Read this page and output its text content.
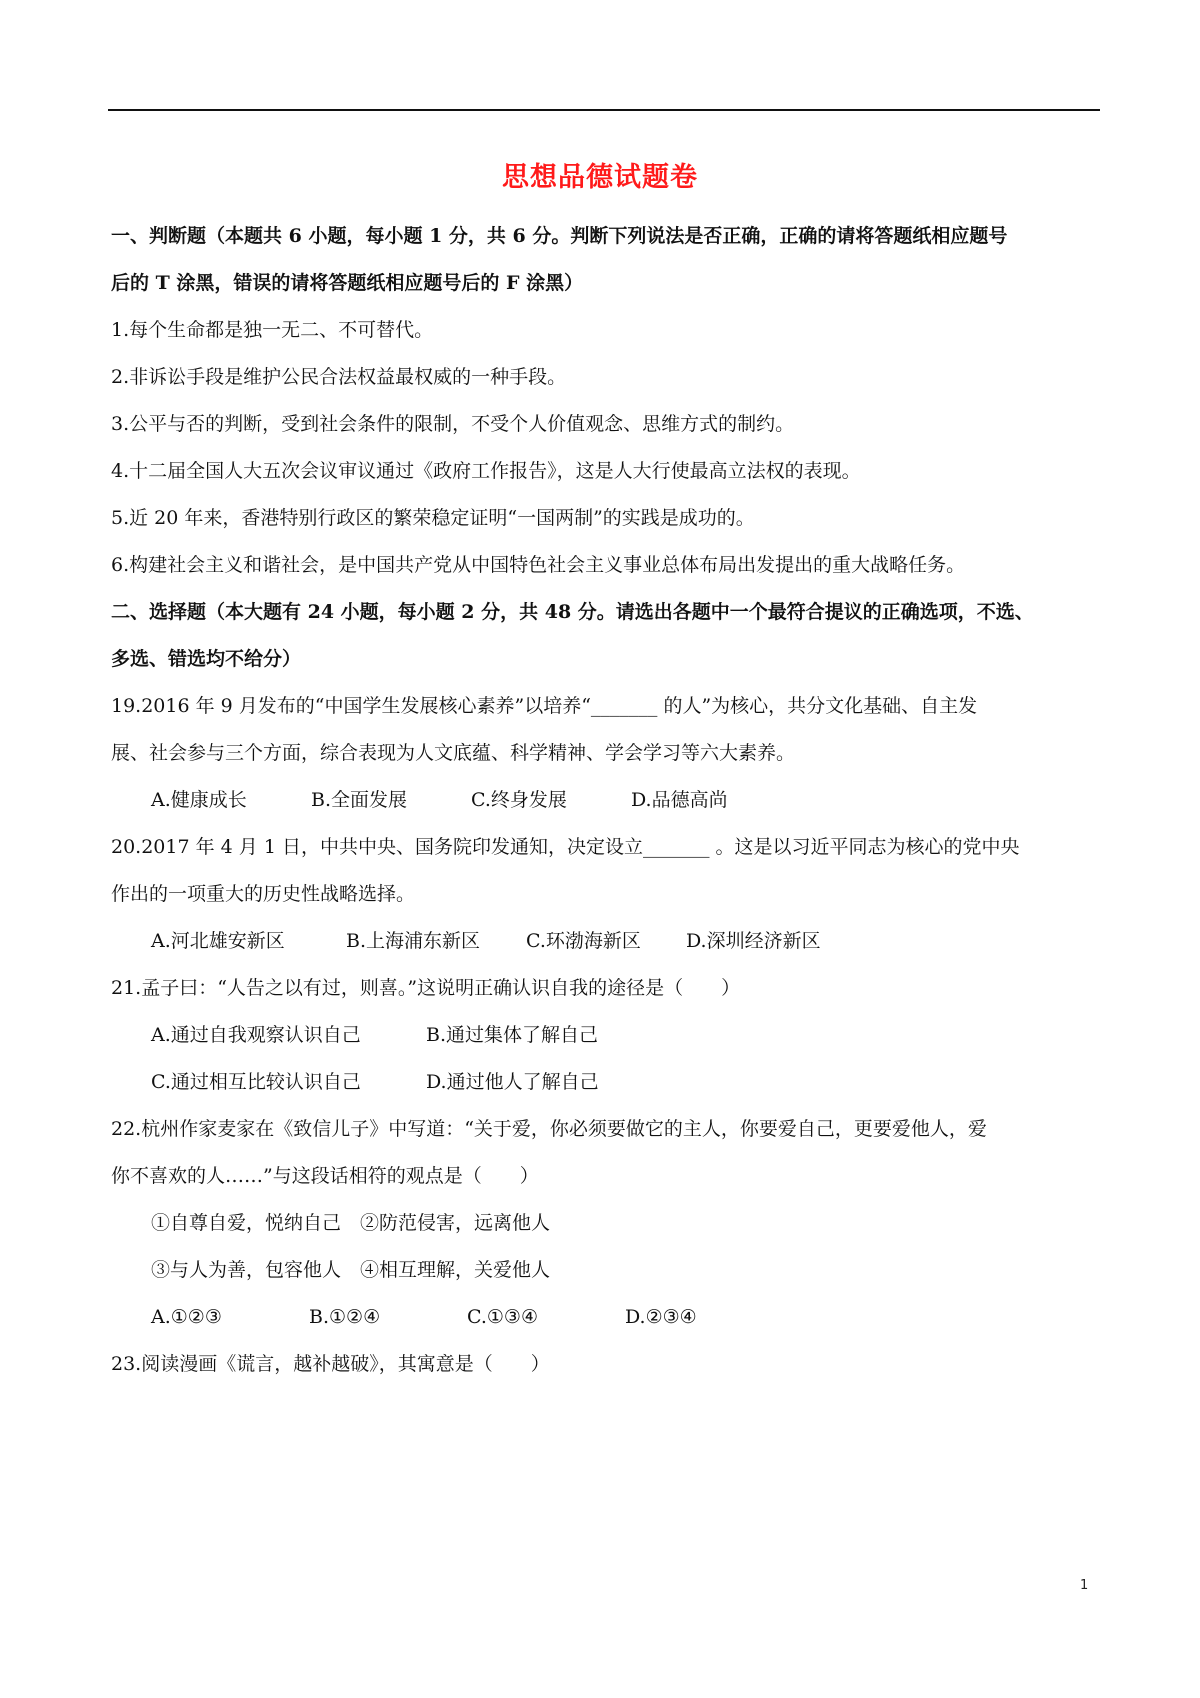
思想品德试题卷
一、判断题（本题共 6 小题，每小题 1 分，共 6 分。判断下列说法是否正确，正确的请将答题纸相应题号
后的 T 涂黑，错误的请将答题纸相应题号后的 F 涂黑）
1.每个生命都是独一无二、不可替代。
2.非诉讼手段是维护公民合法权益最权威的一种手段。
3.公平与否的判断，受到社会条件的限制，不受个人价值观念、思维方式的制约。
4.十二届全国人大五次会议审议通过《政府工作报告》，这是人大行使最高立法权的表现。
5.近 20 年来，香港特别行政区的繁荣稳定证明“一国两制”的实践是成功的。
6.构建社会主义和谐社会，是中国共产党从中国特色社会主义事业总体布局出发提出的重大战略任务。
二、选择题（本大题有 24 小题，每小题 2 分，共 48 分。请选出各题中一个最符合提议的正确选项，不选、
多选、错选均不给分）
19.2016 年 9 月发布的“中国学生发展核心素养”以培养“_______ 的人”为核心，共分文化基础、自主发
展、社会参与三个方面，综合表现为人文底蕴、科学精神、学会学习等六大素养。
A.健康成长	B.全面发展	C.终身发展	D.品德高尚
20.2017 年 4 月 1 日，中共中央、国务院印发通知，决定设立_______ 。这是以习近平同志为核心的党中央
作出的一项重大的历史性战略选择。
A.河北雄安新区	B.上海浦东新区	C.环渤海新区	D.深圳经济新区
21.孟子曰：“人告之以有过，则喜。”这说明正确认识自我的途径是（　　）
A.通过自我观察认识自己	B.通过集体了解自己
C.通过相互比较认识自己	D.通过他人了解自己
22.杭州作家麦家在《致信儿子》中写道：“关于爱，你必须要做它的主人，你要爱自己，更要爱他人，爱
你不喜欢的人……”与这段话相符的观点是（　　）
①自尊自爱，悦纳自己　②防范侵害，远离他人
③与人为善，包容他人　④相互理解，关爱他人
A.①②③	B.①②④	C.①③④	D.②③④
23.阅读漫画《谎言，越补越破》，其寓意是（　　）
1
